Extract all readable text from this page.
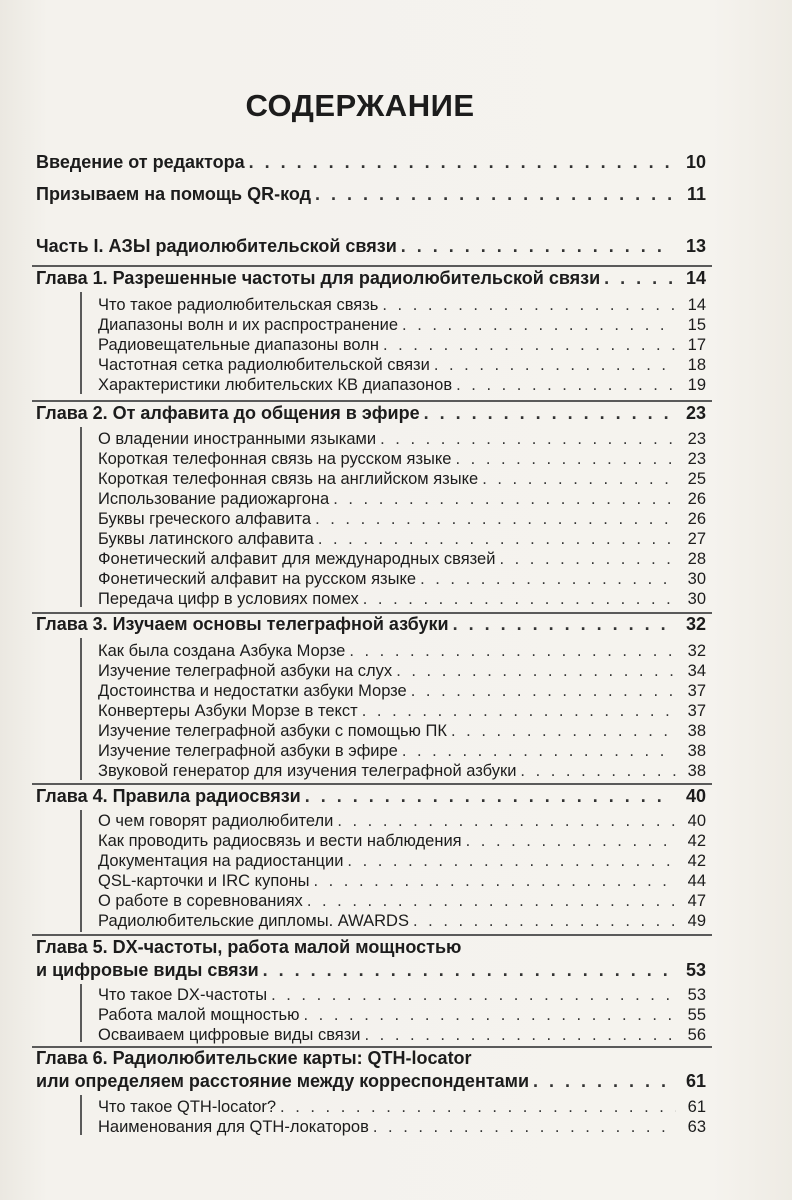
СОДЕРЖАНИЕ
Введение от редактора . . .	10
Призываем на помощь QR-код . . .	11
Часть I. АЗЫ радиолюбительской связи . . .	13
Глава 1. Разрешенные частоты для радиолюбительской связи . . .	14
Что такое радиолюбительская связь . . .	14
Диапазоны волн и их распространение . . .	15
Радиовещательные диапазоны волн . . .	17
Частотная сетка радиолюбительской связи . . .	18
Характеристики любительских КВ диапазонов . . .	19
Глава 2. От алфавита до общения в эфире . . .	23
О владении иностранными языками . . .	23
Короткая телефонная связь на русском языке . . .	23
Короткая телефонная связь на английском языке . . .	25
Использование радиожаргона . . .	26
Буквы греческого алфавита . . .	26
Буквы латинского алфавита . . .	27
Фонетический алфавит для международных связей . . .	28
Фонетический алфавит на русском языке . . .	30
Передача цифр в условиях помех . . .	30
Глава 3. Изучаем основы телеграфной азбуки . . .	32
Как была создана Азбука Морзе . . .	32
Изучение телеграфной азбуки на слух . . .	34
Достоинства и недостатки азбуки Морзе . . .	37
Конвертеры Азбуки Морзе в текст . . .	37
Изучение телеграфной азбуки с помощью ПК . . .	38
Изучение телеграфной азбуки в эфире . . .	38
Звуковой генератор для изучения телеграфной азбуки . . .	38
Глава 4. Правила радиосвязи . . .	40
О чем говорят радиолюбители . . .	40
Как проводить радиосвязь и вести наблюдения . . .	42
Документация на радиостанции . . .	42
QSL-карточки и IRC купоны . . .	44
О работе в соревнованиях . . .	47
Радиолюбительские дипломы. AWARDS . . .	49
Глава 5. DX-частоты, работа малой мощностью
и цифровые виды связи . . .	53
Что такое DX-частоты . . .	53
Работа малой мощностью . . .	55
Осваиваем цифровые виды связи . . .	56
Глава 6. Радиолюбительские карты: QTH-locator
или определяем расстояние между корреспондентами . . .	61
Что такое QTH-locator? . . .	61
Наименования для QTH-локаторов . . .	63
